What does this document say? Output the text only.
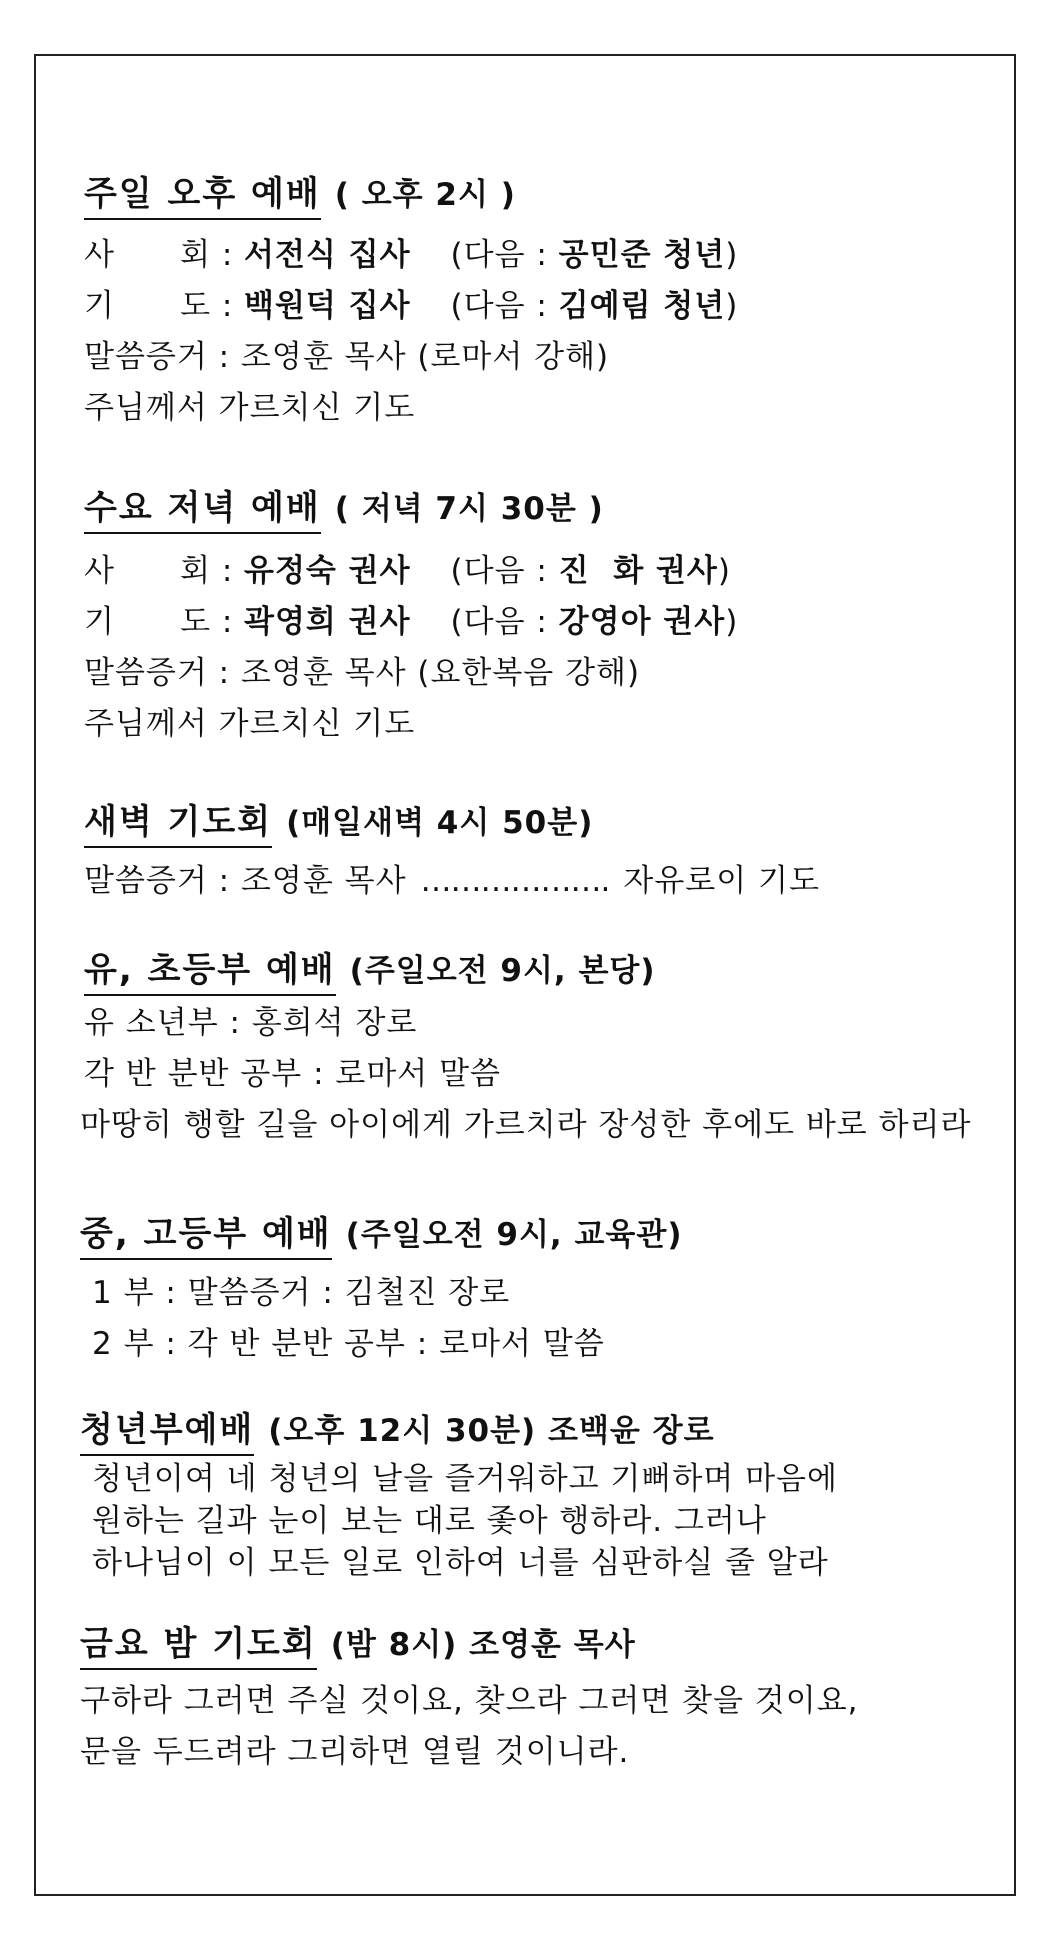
주일 오후 예배 ( 오후 2시 )
사      회 : 서전식 집사 (다음 : 공민준 청년)
기      도 : 백원덕 집사 (다음 : 김예림 청년)
말씀증거 : 조영훈 목사 (로마서 강해)
주님께서 가르치신 기도
수요 저녁 예배 ( 저녁 7시 30분 )
사      회 : 유정숙 권사 (다음 : 진  화 권사)
기      도 : 곽영희 권사 (다음 : 강영아 권사)
말씀증거 : 조영훈 목사 (요한복음 강해)
주님께서 가르치신 기도
새벽 기도회 (매일새벽 4시 50분)
말씀증거 : 조영훈 목사 ………………. 자유로이 기도
유, 초등부 예배 (주일오전 9시, 본당)
유 소년부 : 홍희석 장로
각 반 분반 공부 : 로마서 말씀
마땅히 행할 길을 아이에게 가르치라 장성한 후에도 바로 하리라
중, 고등부 예배 (주일오전 9시, 교육관)
1 부 : 말씀증거 : 김철진 장로
2 부 : 각 반 분반 공부 : 로마서 말씀
청년부예배 (오후 12시 30분) 조백윤 장로
청년이여 네 청년의 날을 즐거워하고 기뻐하며 마음에
원하는 길과 눈이 보는 대로 좇아 행하라. 그러나
하나님이 이 모든 일로 인하여 너를 심판하실 줄 알라
금요 밤 기도회 (밤 8시) 조영훈 목사
구하라 그러면 주실 것이요, 찾으라 그러면 찾을 것이요,
문을 두드려라 그리하면 열릴 것이니라.
